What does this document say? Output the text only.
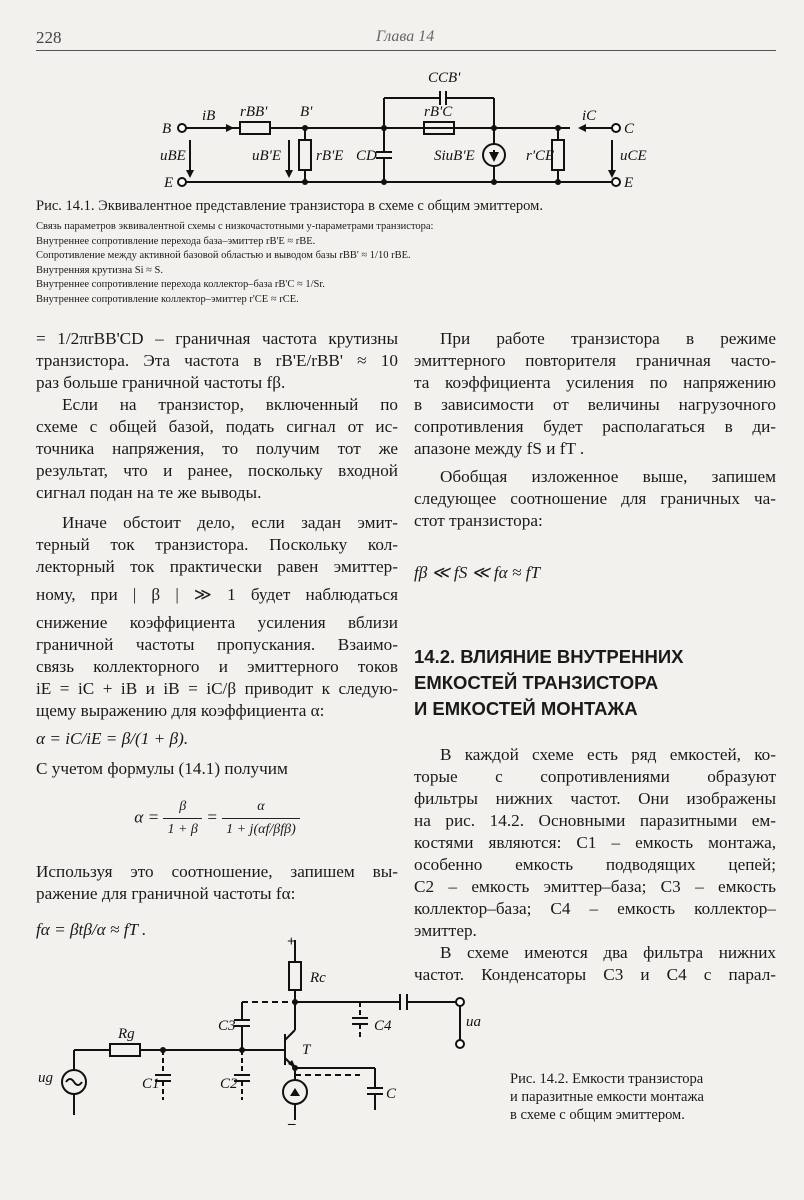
228	Глава 14
B
E
C
E
iB rBB' B'
CCB'
rB'C	iC
uBE	uB'E rB'E CD	SiuB'E	r'CE	uCE
Рис. 14.1. Эквивалентное представление транзистора в схеме с общим эмиттером.
Связь параметров эквивалентной схемы с низкочастотными y-параметрами транзистора:
Внутреннее сопротивление перехода база–эмиттер rB'E ≈ rBE.
Сопротивление между активной базовой областью и выводом базы rBB' ≈ 1/10 rBE.
Внутренняя крутизна Si ≈ S.
Внутреннее сопротивление перехода коллектор–база rB'C ≈ 1/Sr.
Внутреннее сопротивление коллектор–эмиттер r'CE ≈ rCE.

= 1/2πrBB'CD – граничная частота крутизны

транзистора. Эта частота в rB'E/rBB' ≈ 10

раз больше граничной частоты fβ.

Если на транзистор, включенный по

схеме с общей базой, подать сигнал от ис-

точника напряжения, то получим тот же

результат, что и ранее, поскольку входной

сигнал подан на те же выводы.

Иначе обстоит дело, если задан эмит-

терный ток транзистора. Поскольку кол-

лекторный ток практически равен эмиттер-

ному, при | β | ≫ 1 будет наблюдаться

снижение коэффициента усиления вблизи

граничной частоты пропускания. Взаимо-

связь коллекторного и эмиттерного токов

iE = iC + iB и iB = iC/β приводит к следую-

щему выражению для коэффициента α:

α = iC/iE = β/(1 + β).

С учетом формулы (14.1) получим

$\alpha = \frac{\beta}{1 + \beta} = \frac{\alpha}{\text{1 + j(αf/βfβ)}}$

Используя это соотношение, запишем вы-

ражение для граничной частоты fα:

fα = βtβ/α ≈ fT .

При работе транзистора в режиме

эмиттерного повторителя граничная часто-

та коэффициента усиления по напряжению

в зависимости от величины нагрузочного

сопротивления будет располагаться в ди-

апазоне между fS и fT .

Обобщая изложенное выше, запишем

следующее соотношение для граничных ча-

стот транзистора:

fβ ≪ fS ≪ fα ≈ fT

14.2. ВЛИЯНИЕ ВНУТРЕННИХ
ЕМКОСТЕЙ ТРАНЗИСТОРА
И ЕМКОСТЕЙ МОНТАЖА

В каждой схеме есть ряд емкостей, ко-

торые с сопротивлениями образуют

фильтры нижних частот. Они изображены

на рис. 14.2. Основными паразитными ем-

костями являются: C1 – емкость монтажа,

особенно емкость подводящих цепей;

C2 – емкость эмиттер–база; C3 – емкость

коллектор–база; C4 – емкость коллектор–

эмиттер.

В схеме имеются два фильтра нижних

частот. Конденсаторы C3 и C4 с парал-

+
Rc
Rg	C3	C4	ua
T
ug	C1	C2
C
–
Рис. 14.2. Емкости транзистора
и паразитные емкости монтажа
в схеме с общим эмиттером.
